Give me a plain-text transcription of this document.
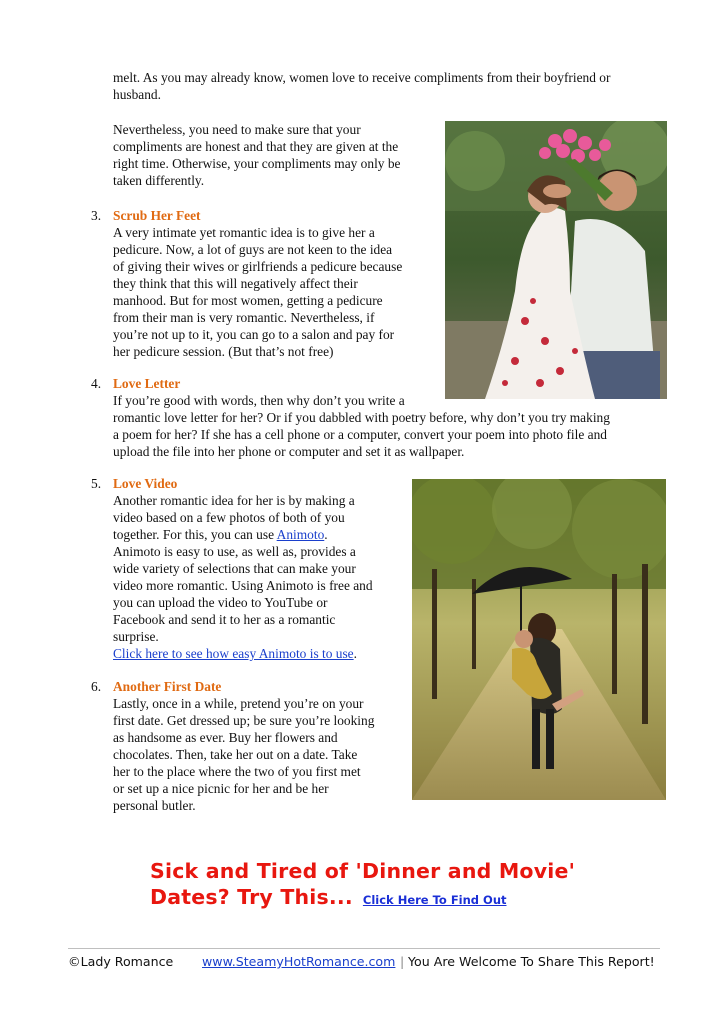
melt. As you may already know, women love to receive compliments from their boyfriend or

husband.

Nevertheless, you need to make sure that your
compliments are honest and that they are given at the
right time. Otherwise, your compliments may only be
taken differently.
3. Scrub Her Feet
A very intimate yet romantic idea is to give her a
pedicure. Now, a lot of guys are not keen to the idea
of giving their wives or girlfriends a pedicure because
they think that this will negatively affect their
manhood. But for most women, getting a pedicure
from their man is very romantic. Nevertheless, if
you’re not up to it, you can go to a salon and pay for
her pedicure session. (But that’s not free)
4. Love Letter
If you’re good with words, then why don’t you write a
romantic love letter for her? Or if you dabbled with poetry before, why don’t you try making
a poem for her? If she has a cell phone or a computer, convert your poem into photo file and
upload the file into her phone or computer and set it as wallpaper.
5. Love Video
Another romantic idea for her is by making a
video based on a few photos of both of you
together. For this, you can use Animoto.
Animoto is easy to use, as well as, provides a
wide variety of selections that can make your
video more romantic. Using Animoto is free and
you can upload the video to YouTube or
Facebook and send it to her as a romantic
surprise.
Click here to see how easy Animoto is to use.
6. Another First Date
Lastly, once in a while, pretend you’re on your
first date. Get dressed up; be sure you’re looking
as handsome as ever. Buy her flowers and
chocolates. Then, take her out on a date. Take
her to the place where the two of you first met
or set up a nice picnic for her and be her
personal butler.
Sick and Tired of 'Dinner and Movie'
Dates? Try This... Click Here To Find Out
©Lady Romance www.SteamyHotRomance.com | You Are Welcome To Share This Report!
